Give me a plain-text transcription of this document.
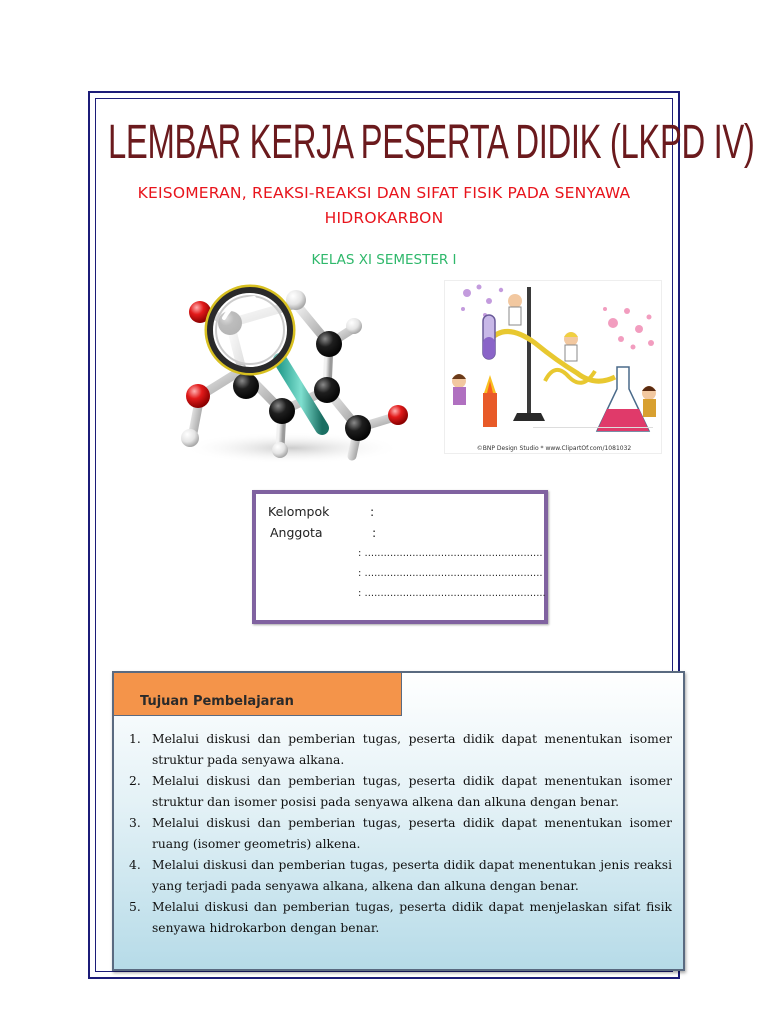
LEMBAR KERJA PESERTA DIDIK (LKPD IV)
KEISOMERAN, REAKSI-REAKSI DAN SIFAT FISIK PADA SENYAWA
HIDROKARBON
KELAS XI SEMESTER I
©BNP Design Studio * www.ClipartOf.com/1081032
Kelompok	:
Anggota	:
: ........................................................
: ........................................................
: .........................................................
Tujuan Pembelajaran
1. Melalui diskusi dan pemberian tugas, peserta didik dapat menentukan isomer struktur pada senyawa alkana.
2. Melalui diskusi dan pemberian tugas, peserta didik dapat menentukan isomer struktur dan isomer posisi pada senyawa alkena dan alkuna dengan benar.
3. Melalui diskusi dan pemberian tugas, peserta didik dapat menentukan isomer ruang (isomer geometris) alkena.
4. Melalui diskusi dan pemberian tugas, peserta didik dapat menentukan jenis reaksi yang terjadi pada senyawa alkana, alkena dan alkuna dengan benar.
5. Melalui diskusi dan pemberian tugas, peserta didik dapat menjelaskan sifat fisik senyawa hidrokarbon dengan benar.
